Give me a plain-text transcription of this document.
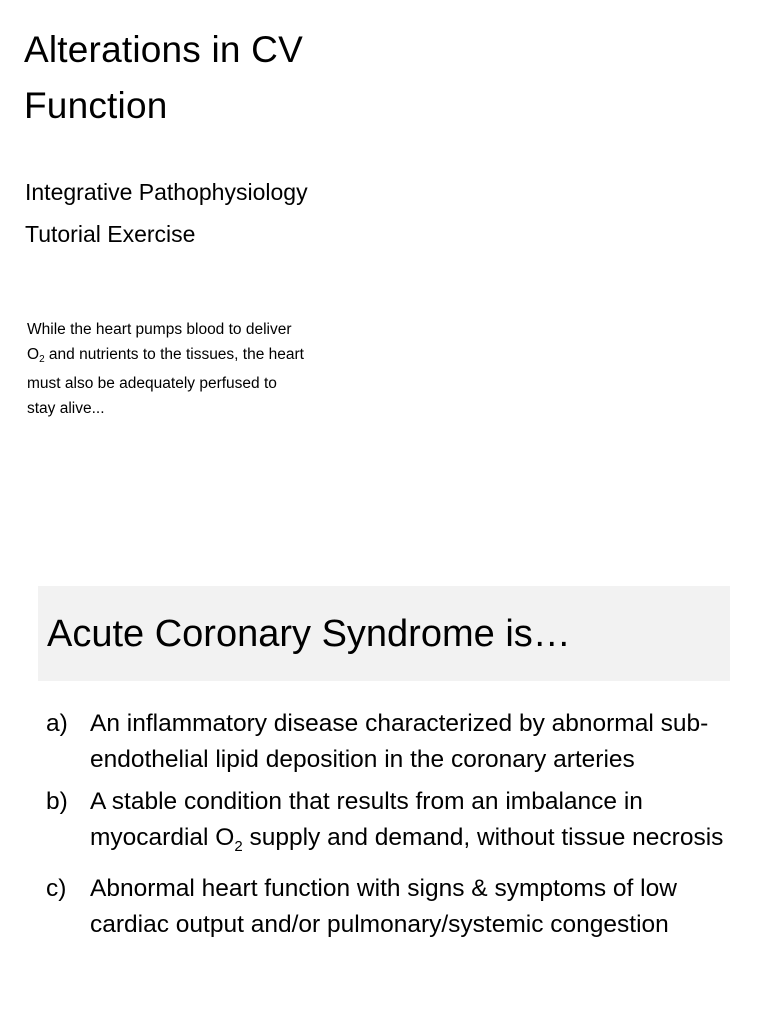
Alterations in CV
Function
Integrative Pathophysiology
Tutorial Exercise
While the heart pumps blood to deliver
$O_2$ and nutrients to the tissues, the heart
must also be adequately perfused to
stay alive...
Acute Coronary Syndrome is…
a) An inflammatory disease characterized by abnormal sub-endothelial lipid deposition in the coronary arteries
b) A stable condition that results from an imbalance in myocardial $O_2$ supply and demand, without tissue necrosis
c) Abnormal heart function with signs & symptoms of low cardiac output and/or pulmonary/systemic congestion
